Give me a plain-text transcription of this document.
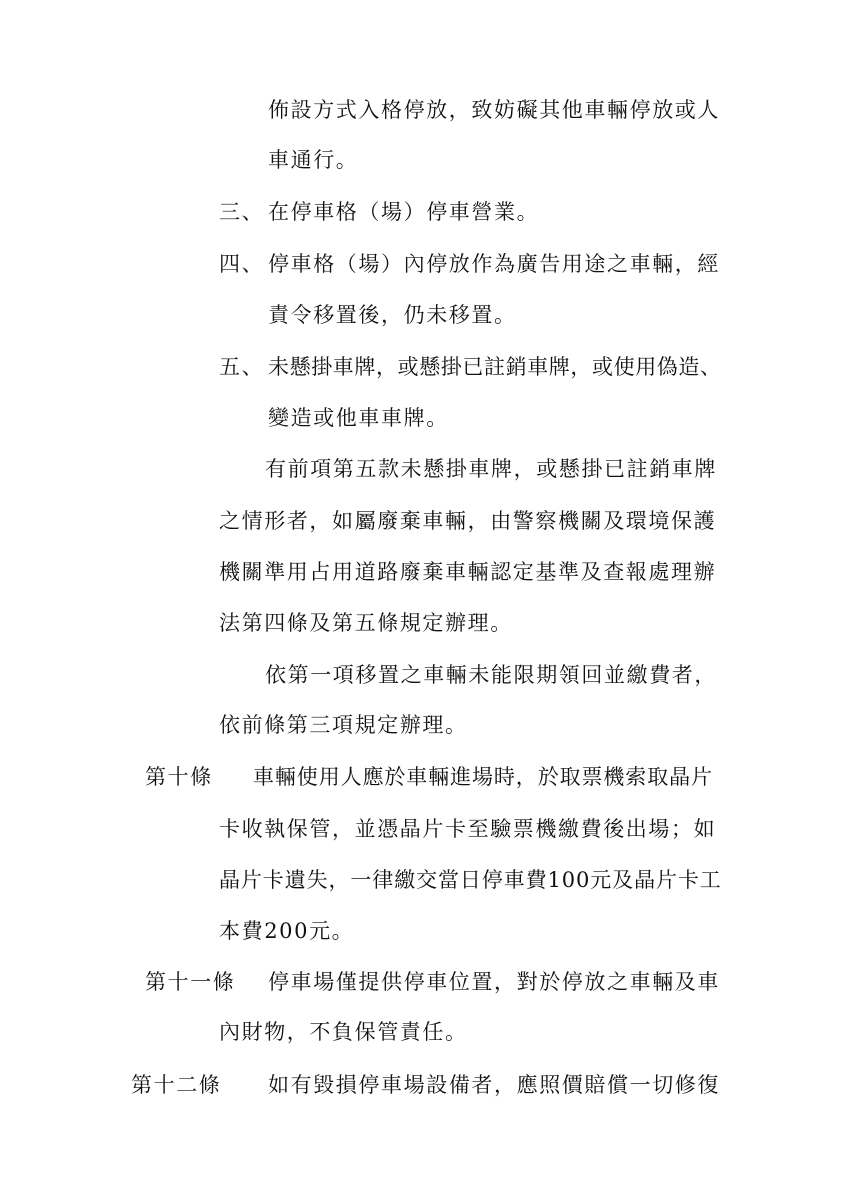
佈設方式入格停放，致妨礙其他車輛停放或人
車通行。
三、 在停車格（場）停車營業。
四、 停車格（場）內停放作為廣告用途之車輛，經
責令移置後，仍未移置。
五、 未懸掛車牌，或懸掛已註銷車牌，或使用偽造、
變造或他車車牌。
有前項第五款未懸掛車牌，或懸掛已註銷車牌
之情形者，如屬廢棄車輛，由警察機關及環境保護
機關準用占用道路廢棄車輛認定基準及查報處理辦
法第四條及第五條規定辦理。
依第一項移置之車輛未能限期領回並繳費者，
依前條第三項規定辦理。
第十條 車輛使用人應於車輛進場時，於取票機索取晶片
卡收執保管，並憑晶片卡至驗票機繳費後出場；如
晶片卡遺失，一律繳交當日停車費100元及晶片卡工
本費200元。
第十一條 停車場僅提供停車位置，對於停放之車輛及車
內財物，不負保管責任。
第十二條 如有毀損停車場設備者，應照價賠償一切修復
